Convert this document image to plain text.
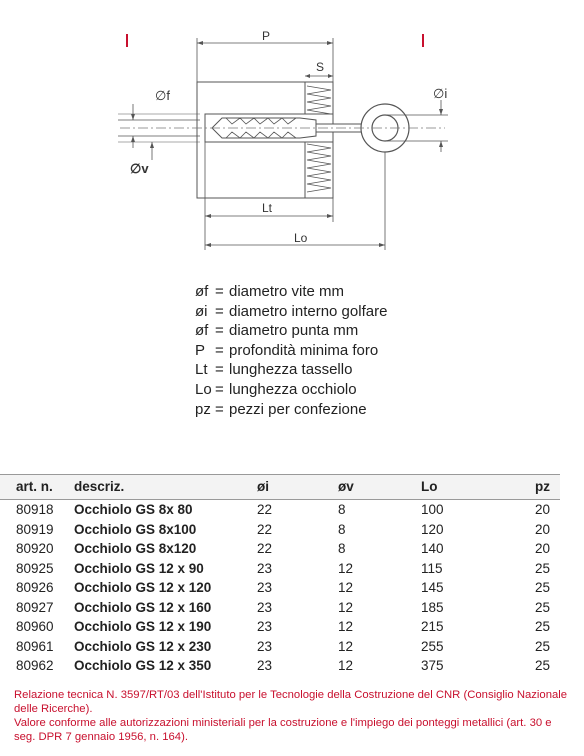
P
S
Lt
Lo
∅f
∅v
∅i
øf = diametro vite mm
øi = diametro interno golfare
øf = diametro punta mm
P = profondità minima foro
Lt = lunghezza tassello
Lo = lunghezza occhiolo
pz = pezzi per confezione
art. n. descriz.	øi	øv	Lo	pz
80918 Occhiolo GS 8x 80	22	8	100	20
80919 Occhiolo GS 8x100	22	8	120	20
80920 Occhiolo GS 8x120	22	8	140	20
80925 Occhiolo GS 12 x 90	23	12	115	25
80926 Occhiolo GS 12 x 120	23	12	145	25
80927 Occhiolo GS 12 x 160	23	12	185	25
80960 Occhiolo GS 12 x 190	23	12	215	25
80961 Occhiolo GS 12 x 230	23	12	255	25
80962 Occhiolo GS 12 x 350	23	12	375	25
Relazione tecnica N. 3597/RT/03 dell'Istituto per le Tecnologie della Costruzione del CNR (Consiglio Nazionale delle Ricerche).
Valore conforme alle autorizzazioni ministeriali per la costruzione e l'impiego dei ponteggi metallici (art. 30 e seg. DPR 7 gennaio 1956, n. 164).
